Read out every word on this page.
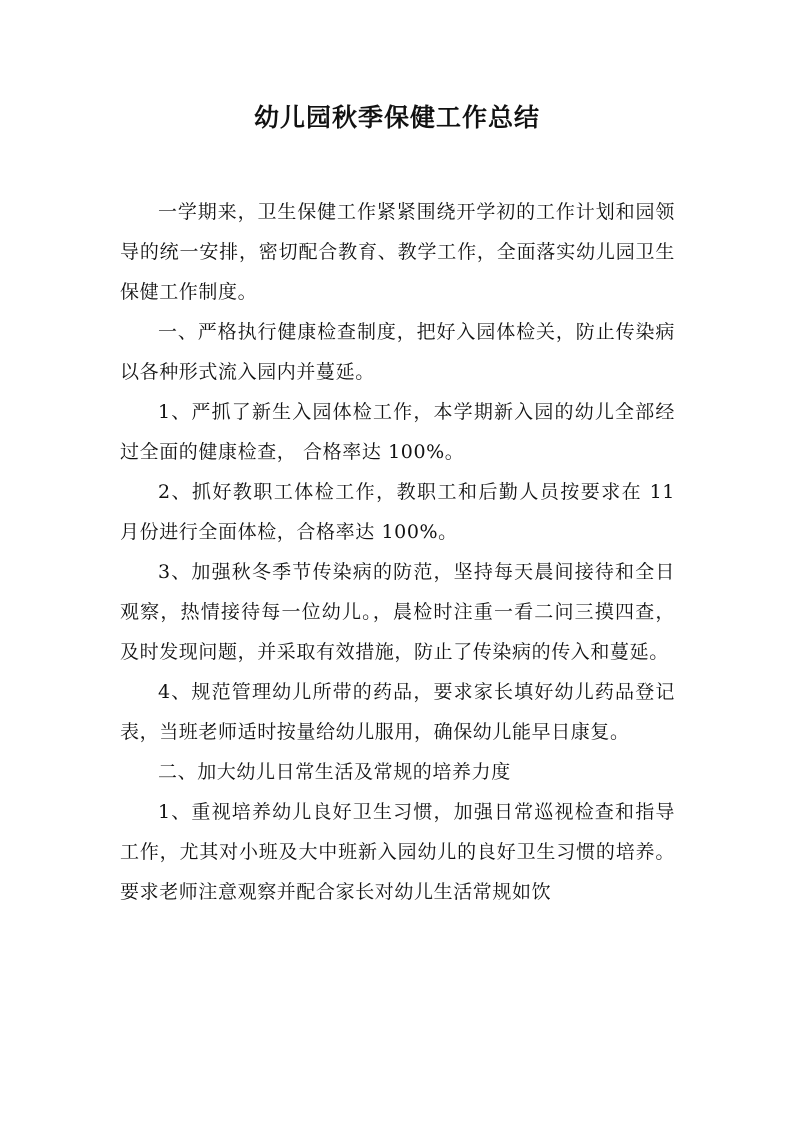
幼儿园秋季保健工作总结

一学期来，卫生保健工作紧紧围绕开学初的工作计划和园领导的统一安排，密切配合教育、教学工作，全面落实幼儿园卫生保健工作制度。

一、严格执行健康检查制度，把好入园体检关，防止传染病以各种形式流入园内并蔓延。

1、严抓了新生入园体检工作，本学期新入园的幼儿全部经过全面的健康检查， 合格率达 100%。

2、抓好教职工体检工作，教职工和后勤人员按要求在 11 月份进行全面体检，合格率达 100%。

3、加强秋冬季节传染病的防范，坚持每天晨间接待和全日观察，热情接待每一位幼儿。，晨检时注重一看二问三摸四查，及时发现问题，并采取有效措施，防止了传染病的传入和蔓延。

4、规范管理幼儿所带的药品，要求家长填好幼儿药品登记表，当班老师适时按量给幼儿服用，确保幼儿能早日康复。

二、加大幼儿日常生活及常规的培养力度

1、重视培养幼儿良好卫生习惯，加强日常巡视检查和指导工作，尤其对小班及大中班新入园幼儿的良好卫生习惯的培养。要求老师注意观察并配合家长对幼儿生活常规如饮
